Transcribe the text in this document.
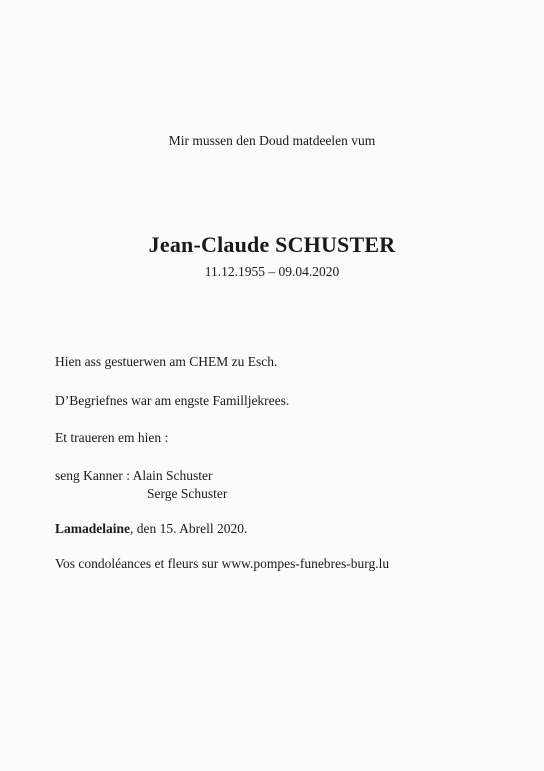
Mir mussen den Doud matdeelen vum
Jean-Claude SCHUSTER
11.12.1955 – 09.04.2020
Hien ass gestuerwen am CHEM zu Esch.
D’Begriefnes war am engste Familljekrees.
Et traueren em hien :
seng Kanner : Alain Schuster
Serge Schuster
Lamadelaine, den 15. Abrell 2020.
Vos condoléances et fleurs sur www.pompes-funebres-burg.lu
